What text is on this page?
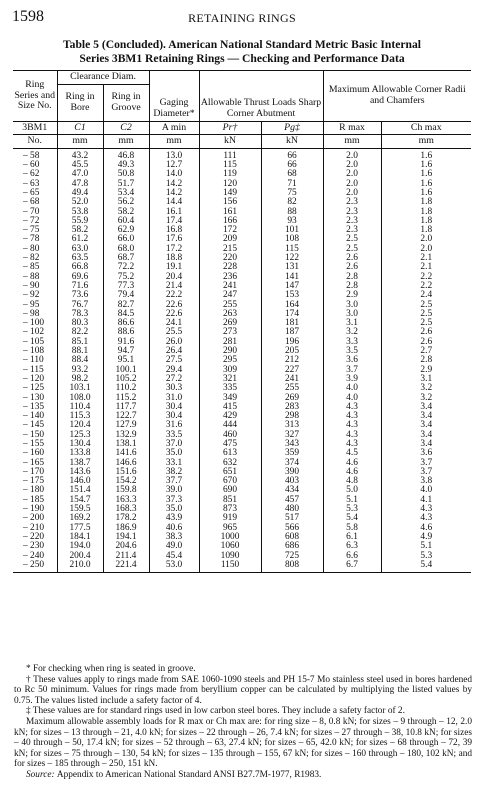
1598	RETAINING RINGS
Table 5 (Concluded). American National Standard Metric Basic Internal
Series 3BM1 Retaining Rings — Checking and Performance Data
Ring Series and Size No.	Clearance Diam.		Gaging Diameter*	Allowable Thrust Loads Sharp Corner Abutment		Maximum Allowable Corner Radii and Chamfers	
	Ring in Bore	Ring in Groove					
3BM1	C1	C2	A min	Pr†	Pg‡	R max	Ch max
No.	mm	mm	mm	kN	kN	mm	mm
– 58	43.2	46.8	13.0	111	66	2.0	1.6
– 60	45.5	49.3	12.7	115	66	2.0	1.6
– 62	47.0	50.8	14.0	119	68	2.0	1.6
– 63	47.8	51.7	14.2	120	71	2.0	1.6
– 65	49.4	53.4	14.2	149	75	2.0	1.6
– 68	52.0	56.2	14.4	156	82	2.3	1.8
– 70	53.8	58.2	16.1	161	88	2.3	1.8
– 72	55.9	60.4	17.4	166	93	2.3	1.8
– 75	58.2	62.9	16.8	172	101	2.3	1.8
– 78	61.2	66.0	17.6	209	108	2.5	2.0
– 80	63.0	68.0	17.2	215	115	2.5	2.0
– 82	63.5	68.7	18.8	220	122	2.6	2.1
– 85	66.8	72.2	19.1	228	131	2.6	2.1
– 88	69.6	75.2	20.4	236	141	2.8	2.2
– 90	71.6	77.3	21.4	241	147	2.8	2.2
– 92	73.6	79.4	22.2	247	153	2.9	2.4
– 95	76.7	82.7	22.6	255	164	3.0	2.5
– 98	78.3	84.5	22.6	263	174	3.0	2.5
– 100	80.3	86.6	24.1	269	181	3.1	2.5
– 102	82.2	88.6	25.5	273	187	3.2	2.6
– 105	85.1	91.6	26.0	281	196	3.3	2.6
– 108	88.1	94.7	26.4	290	205	3.5	2.7
– 110	88.4	95.1	27.5	295	212	3.6	2.8
– 115	93.2	100.1	29.4	309	227	3.7	2.9
– 120	98.2	105.2	27.2	321	241	3.9	3.1
– 125	103.1	110.2	30.3	335	255	4.0	3.2
– 130	108.0	115.2	31.0	349	269	4.0	3.2
– 135	110.4	117.7	30.4	415	283	4.3	3.4
– 140	115.3	122.7	30.4	429	298	4.3	3.4
– 145	120.4	127.9	31.6	444	313	4.3	3.4
– 150	125.3	132.9	33.5	460	327	4.3	3.4
– 155	130.4	138.1	37.0	475	343	4.3	3.4
– 160	133.8	141.6	35.0	613	359	4.5	3.6
– 165	138.7	146.6	33.1	632	374	4.6	3.7
– 170	143.6	151.6	38.2	651	390	4.6	3.7
– 175	146.0	154.2	37.7	670	403	4.8	3.8
– 180	151.4	159.8	39.0	690	434	5.0	4.0
– 185	154.7	163.3	37.3	851	457	5.1	4.1
– 190	159.5	168.3	35.0	873	480	5.3	4.3
– 200	169.2	178.2	43.9	919	517	5.4	4.3
– 210	177.5	186.9	40.6	965	566	5.8	4.6
– 220	184.1	194.1	38.3	1000	608	6.1	4.9
– 230	194.0	204.6	49.0	1060	686	6.3	5.1
– 240	200.4	211.4	45.4	1090	725	6.6	5.3
– 250	210.0	221.4	53.0	1150	808	6.7	5.4

* For checking when ring is seated in groove.

† These values apply to rings made from SAE 1060-1090 steels and PH 15-7 Mo stainless steel used in bores hardened to Rc 50 minimum. Values for rings made from beryllium copper can be calculated by multiplying the listed values by 0.75. The values listed include a safety factor of 4.

‡ These values are for standard rings used in low carbon steel bores. They include a safety factor of 2.

Maximum allowable assembly loads for R max or Ch max are: for ring size – 8, 0.8 kN; for sizes – 9 through – 12, 2.0 kN; for sizes – 13 through – 21, 4.0 kN; for sizes – 22 through – 26, 7.4 kN; for sizes – 27 through – 38, 10.8 kN; for sizes – 40 through – 50, 17.4 kN; for sizes – 52 through – 63, 27.4 kN; for sizes – 65, 42.0 kN; for sizes – 68 through – 72, 39 kN; for sizes – 75 through – 130, 54 kN; for sizes – 135 through – 155, 67 kN; for sizes – 160 through – 180, 102 kN; and for sizes – 185 through – 250, 151 kN.

Source: Appendix to American National Standard ANSI B27.7M-1977, R1983.
